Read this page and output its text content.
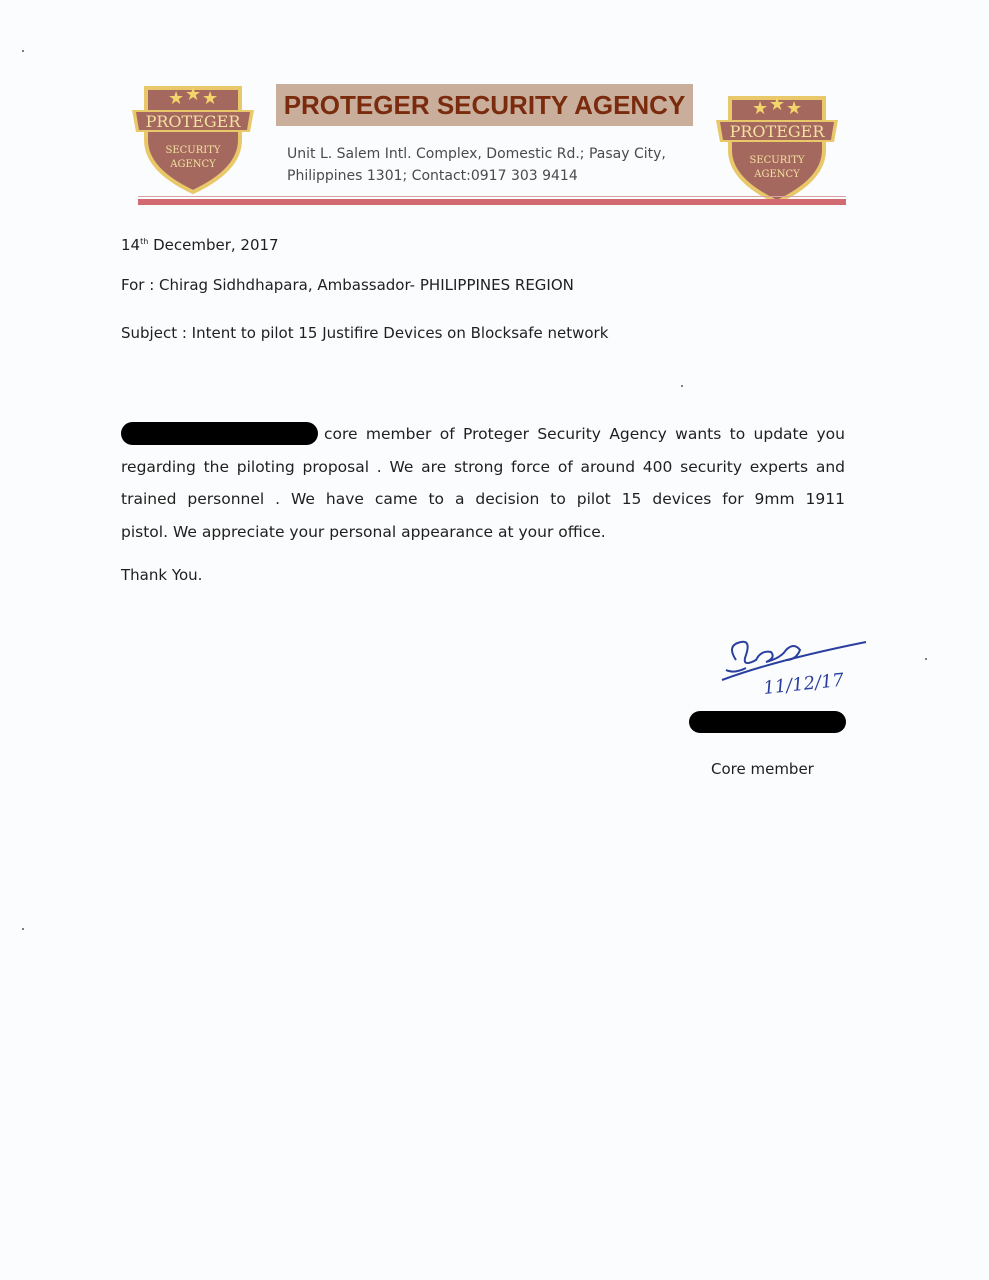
★ ★ ★
PROTEGER
SECURITY
AGENCY
PROTEGER SECURITY AGENCY
Unit L. Salem Intl. Complex, Domestic Rd.; Pasay City,
Philippines 1301; Contact:0917 303 9414
★ ★ ★
PROTEGER
SECURITY
AGENCY
14th December, 2017
For : Chirag Sidhdhapara, Ambassador- PHILIPPINES REGION
Subject : Intent to pilot 15 Justifire Devices on Blocksafe network
core member of Proteger Security Agency wants to update you
regarding the piloting proposal . We are strong force of around 400 security experts and
trained personnel . We have came to a decision to pilot 15 devices for 9mm 1911
pistol. We appreciate your personal appearance at your office.
Thank You.
11/12/17
Core member
